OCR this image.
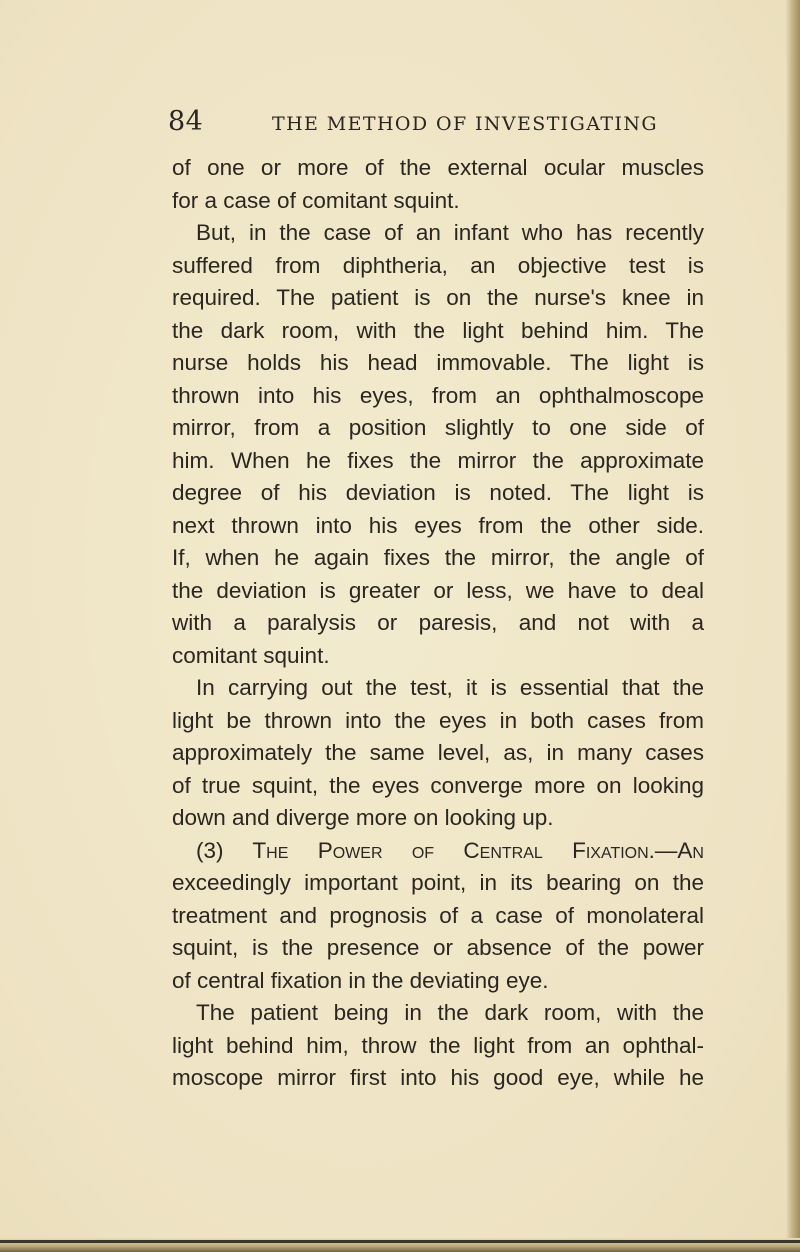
84	THE METHOD OF INVESTIGATING
of one or more of the external ocular muscles
for a case of comitant squint.
But, in the case of an infant who has recently
suffered from diphtheria, an objective test is
required. The patient is on the nurse's knee in
the dark room, with the light behind him. The
nurse holds his head immovable. The light is
thrown into his eyes, from an ophthalmoscope
mirror, from a position slightly to one side of
him. When he fixes the mirror the approximate
degree of his deviation is noted. The light is
next thrown into his eyes from the other side.
If, when he again fixes the mirror, the angle of
the deviation is greater or less, we have to deal
with a paralysis or paresis, and not with a
comitant squint.
In carrying out the test, it is essential that the
light be thrown into the eyes in both cases from
approximately the same level, as, in many cases
of true squint, the eyes converge more on looking
down and diverge more on looking up.
(3) The Power of Central Fixation.—An
exceedingly important point, in its bearing on the
treatment and prognosis of a case of monolateral
squint, is the presence or absence of the power
of central fixation in the deviating eye.
The patient being in the dark room, with the
light behind him, throw the light from an ophthal-
moscope mirror first into his good eye, while he
